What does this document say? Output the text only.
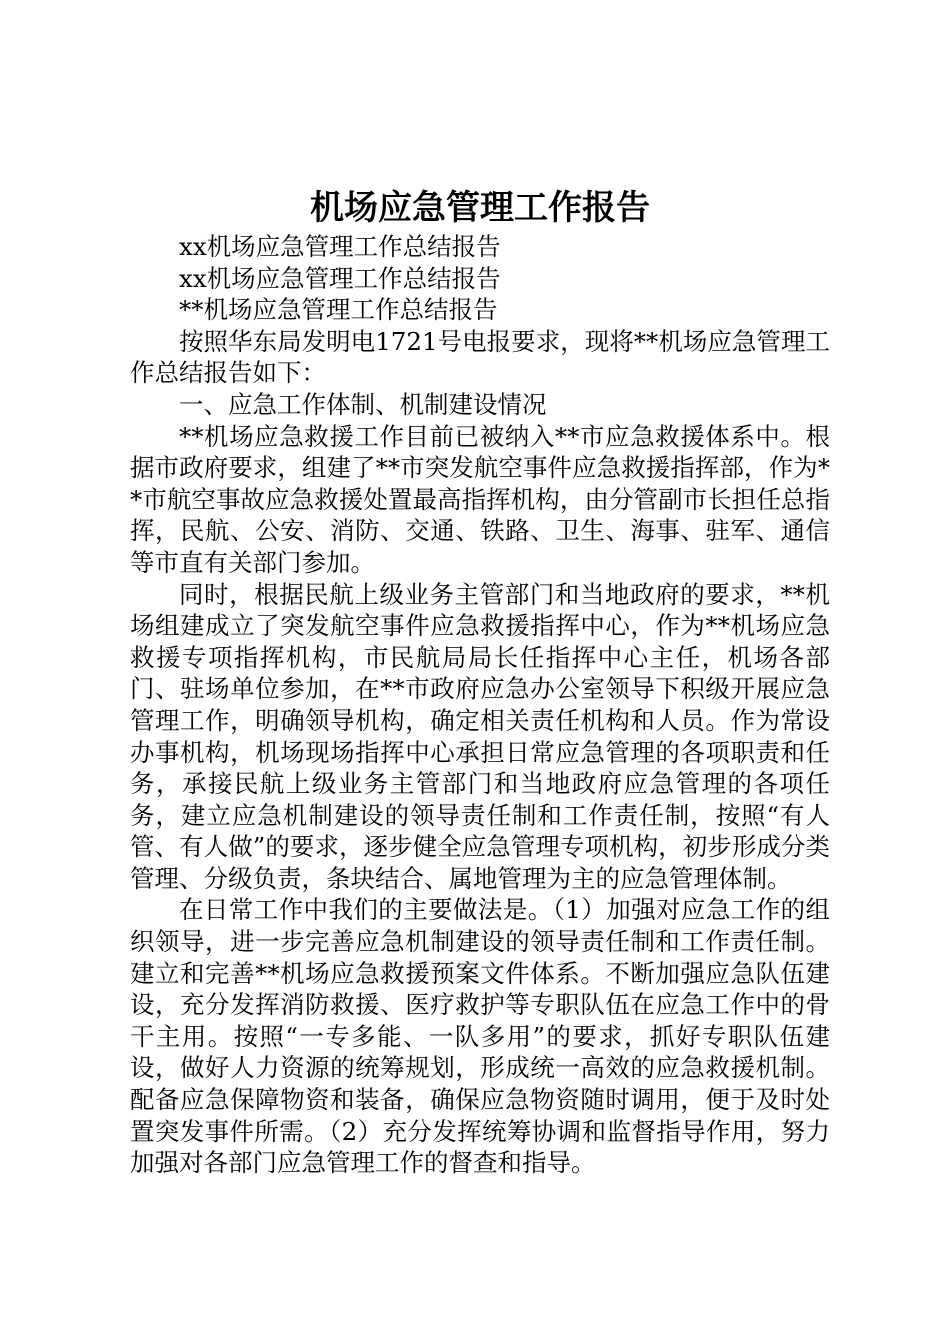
机场应急管理工作报告

xx机场应急管理工作总结报告

xx机场应急管理工作总结报告

**机场应急管理工作总结报告

按照华东局发明电1721号电报要求，现将**机场应急管理工作总结报告如下：

一、应急工作体制、机制建设情况

**机场应急救援工作目前已被纳入**市应急救援体系中。根据市政府要求，组建了**市突发航空事件应急救援指挥部，作为**市航空事故应急救援处置最高指挥机构，由分管副市长担任总指挥，民航、公安、消防、交通、铁路、卫生、海事、驻军、通信等市直有关部门参加。

同时，根据民航上级业务主管部门和当地政府的要求，**机场组建成立了突发航空事件应急救援指挥中心，作为**机场应急救援专项指挥机构，市民航局局长任指挥中心主任，机场各部门、驻场单位参加，在**市政府应急办公室领导下积级开展应急管理工作，明确领导机构，确定相关责任机构和人员。作为常设办事机构，机场现场指挥中心承担日常应急管理的各项职责和任务，承接民航上级业务主管部门和当地政府应急管理的各项任务，建立应急机制建设的领导责任制和工作责任制，按照“有人管、有人做”的要求，逐步健全应急管理专项机构，初步形成分类管理、分级负责，条块结合、属地管理为主的应急管理体制。

在日常工作中我们的主要做法是。（1）加强对应急工作的组织领导，进一步完善应急机制建设的领导责任制和工作责任制。建立和完善**机场应急救援预案文件体系。不断加强应急队伍建设，充分发挥消防救援、医疗救护等专职队伍在应急工作中的骨干主用。按照“一专多能、一队多用”的要求，抓好专职队伍建设，做好人力资源的统筹规划，形成统一高效的应急救援机制。配备应急保障物资和装备，确保应急物资随时调用，便于及时处置突发事件所需。（2）充分发挥统筹协调和监督指导作用，努力加强对各部门应急管理工作的督查和指导。
